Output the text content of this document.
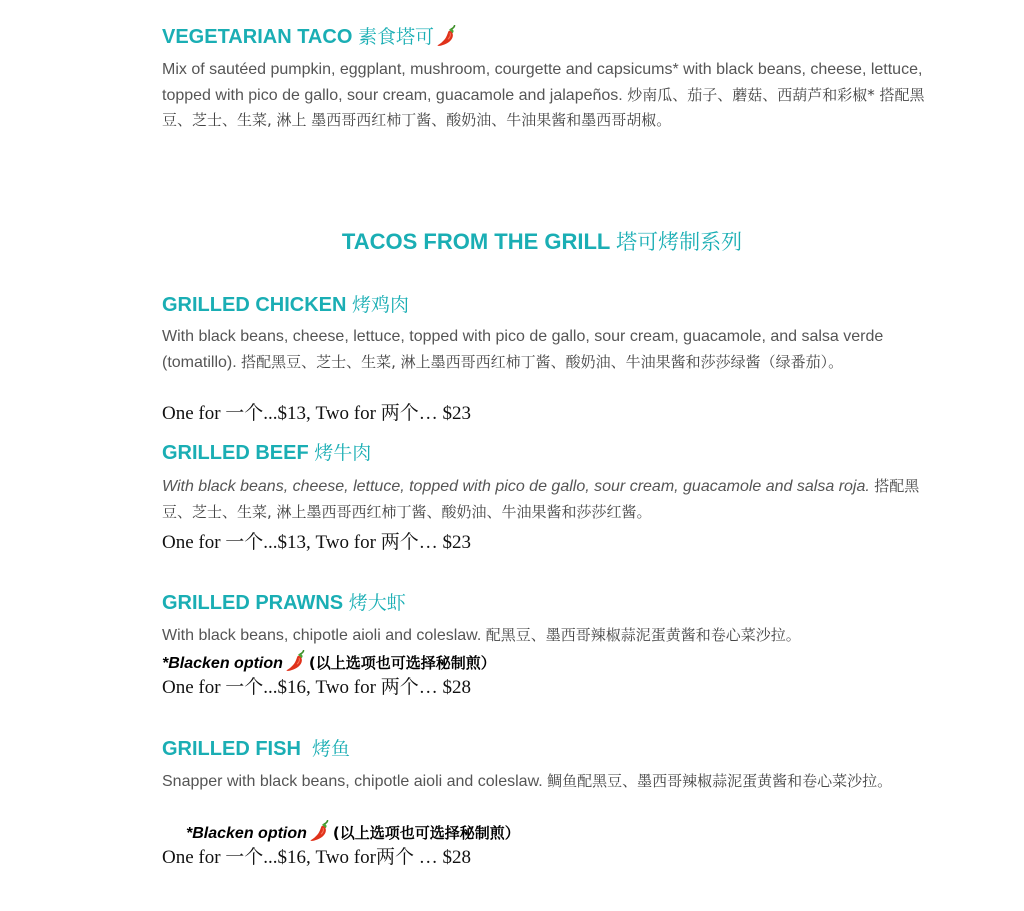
VEGETARIAN TACO 素食塔可

Mix of sautéed pumpkin, eggplant, mushroom, courgette and capsicums* with black beans, cheese, lettuce, topped with pico de gallo, sour cream, guacamole and jalapeños. 炒南瓜、茄子、蘑菇、西葫芦和彩椒* 搭配黑豆、芝士、生菜, 淋上 墨西哥西红柿丁酱、酸奶油、牛油果酱和墨西哥胡椒。

TACOS FROM THE GRILL 塔可烤制系列
GRILLED CHICKEN 烤鸡肉

With black beans, cheese, lettuce, topped with pico de gallo, sour cream, guacamole, and salsa verde (tomatillo). 搭配黑豆、芝士、生菜, 淋上墨西哥西红柿丁酱、酸奶油、牛油果酱和莎莎绿酱（绿番茄）。

One for 一个...$13, Two for 两个… $23

GRILLED BEEF 烤牛肉

With black beans, cheese, lettuce, topped with pico de gallo, sour cream, guacamole and salsa roja. 搭配黑豆、芝士、生菜, 淋上墨西哥西红柿丁酱、酸奶油、牛油果酱和莎莎红酱。

One for 一个...$13, Two for 两个… $23

GRILLED PRAWNS 烤大虾

With black beans, chipotle aioli and coleslaw. 配黑豆、墨西哥辣椒蒜泥蛋黄酱和卷心菜沙拉。

*Blacken option (以上选项也可选择秘制煎）

One for 一个...$16, Two for 两个… $28

GRILLED FISH 烤鱼

Snapper with black beans, chipotle aioli and coleslaw. 鲷鱼配黑豆、墨西哥辣椒蒜泥蛋黄酱和卷心菜沙拉。

*Blacken option (以上选项也可选择秘制煎）

One for 一个...$16, Two for两个 … $28
